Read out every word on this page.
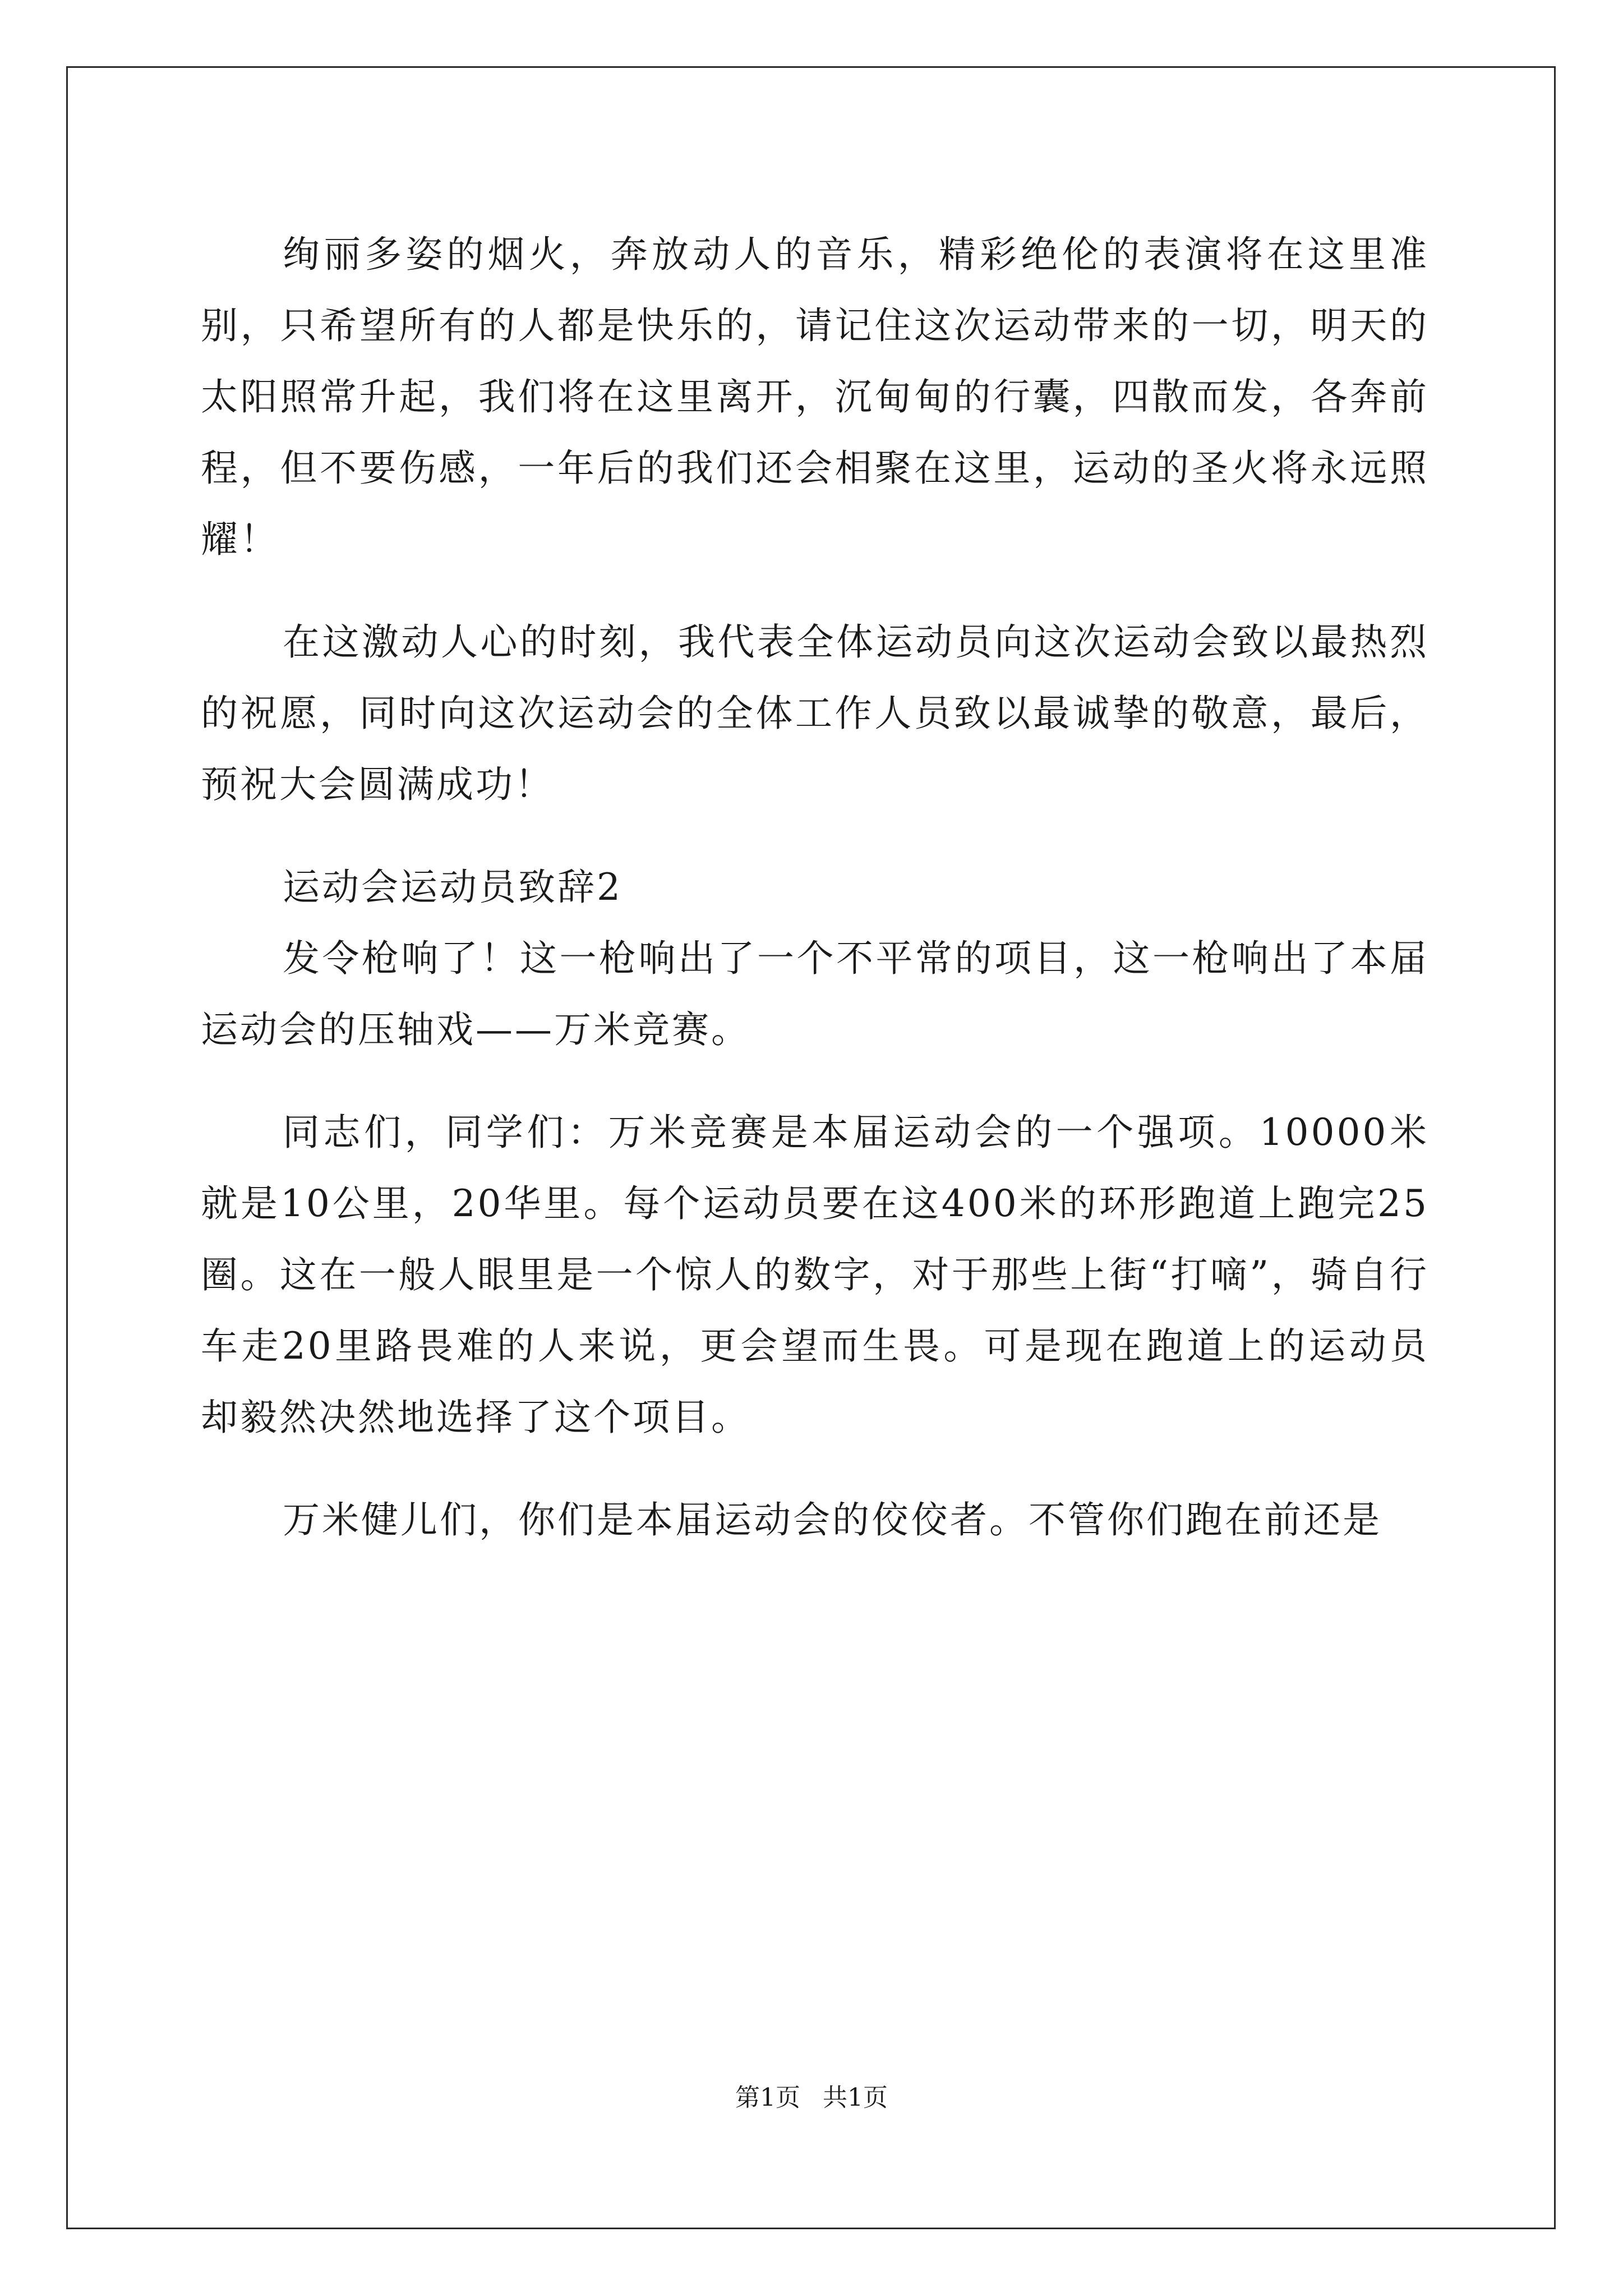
绚丽多姿的烟火，奔放动人的音乐，精彩绝伦的表演将在这里准别，只希望所有的人都是快乐的，请记住这次运动带来的一切，明天的太阳照常升起，我们将在这里离开，沉甸甸的行囊，四散而发，各奔前程，但不要伤感，一年后的我们还会相聚在这里，运动的圣火将永远照耀！

在这激动人心的时刻，我代表全体运动员向这次运动会致以最热烈的祝愿，同时向这次运动会的全体工作人员致以最诚挚的敬意，最后，预祝大会圆满成功！

运动会运动员致辞2

发令枪响了！这一枪响出了一个不平常的项目，这一枪响出了本届运动会的压轴戏——万米竞赛。

同志们，同学们：万米竞赛是本届运动会的一个强项。10000米就是10公里，20华里。每个运动员要在这400米的环形跑道上跑完25圈。这在一般人眼里是一个惊人的数字，对于那些上街“打嘀”，骑自行车走20里路畏难的人来说，更会望而生畏。可是现在跑道上的运动员却毅然决然地选择了这个项目。

万米健儿们，你们是本届运动会的佼佼者。不管你们跑在前还是

第1页 共1页
